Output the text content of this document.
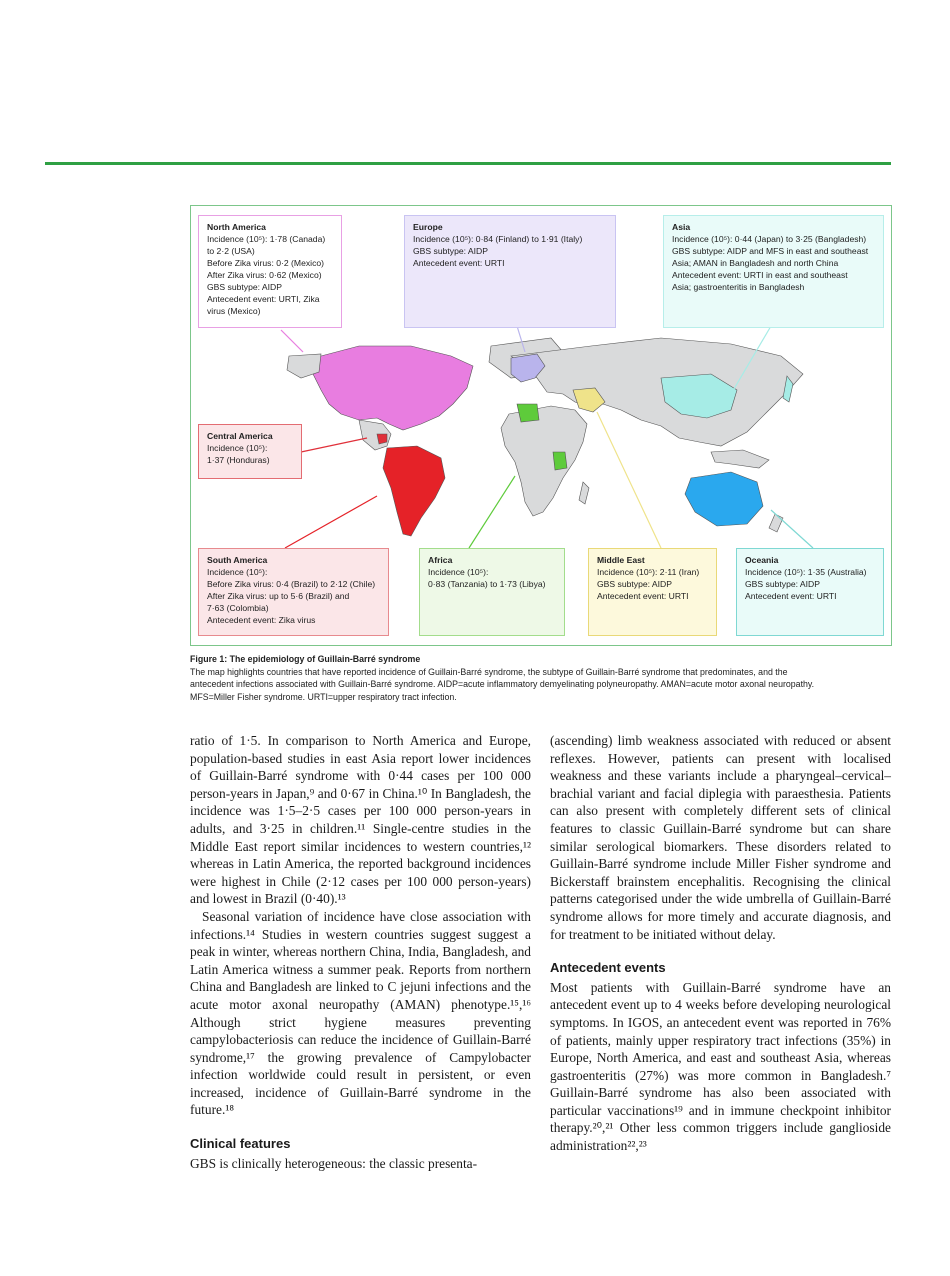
North America
Incidence (10⁵): 1·78 (Canada)
to 2·2 (USA)
Before Zika virus: 0·2 (Mexico)
After Zika virus: 0·62 (Mexico)
GBS subtype: AIDP
Antecedent event: URTI, Zika
virus (Mexico)
Europe
Incidence (10⁵): 0·84 (Finland) to 1·91 (Italy)
GBS subtype: AIDP
Antecedent event: URTI
Asia
Incidence (10⁵): 0·44 (Japan) to 3·25 (Bangladesh)
GBS subtype: AIDP and MFS in east and southeast
Asia; AMAN in Bangladesh and north China
Antecedent event: URTI in east and southeast
Asia; gastroenteritis in Bangladesh
Central America
Incidence (10⁵):
1·37 (Honduras)
South America
Incidence (10⁵):
Before Zika virus: 0·4 (Brazil) to 2·12 (Chile)
After Zika virus: up to 5·6 (Brazil) and
7·63 (Colombia)
Antecedent event: Zika virus
Africa
Incidence (10⁵):
0·83 (Tanzania) to 1·73 (Libya)
Middle East
Incidence (10⁵): 2·11 (Iran)
GBS subtype: AIDP
Antecedent event: URTI
Oceania
Incidence (10⁵): 1·35 (Australia)
GBS subtype: AIDP
Antecedent event: URTI
Figure 1: The epidemiology of Guillain-Barré syndrome
The map highlights countries that have reported incidence of Guillain-Barré syndrome, the subtype of Guillain-Barré syndrome that predominates, and the
antecedent infections associated with Guillain-Barré syndrome. AIDP=acute inflammatory demyelinating polyneuropathy. AMAN=acute motor axonal neuropathy.
MFS=Miller Fisher syndrome. URTI=upper respiratory tract infection.

ratio of 1·5. In comparison to North America and Europe, population-based studies in east Asia report lower incidences of Guillain-Barré syndrome with 0·44 cases per 100 000 person-years in Japan,⁹ and 0·67 in China.¹⁰ In Bangladesh, the incidence was 1·5–2·5 cases per 100 000 person-years in adults, and 3·25 in children.¹¹ Single-centre studies in the Middle East report similar incidences to western countries,¹² whereas in Latin America, the reported background incidences were highest in Chile (2·12 cases per 100 000 person-years) and lowest in Brazil (0·40).¹³

Seasonal variation of incidence have close association with infections.¹⁴ Studies in western countries suggest suggest a peak in winter, whereas northern China, India, Bangladesh, and Latin America witness a summer peak. Reports from northern China and Bangladesh are linked to C jejuni infections and the acute motor axonal neuropathy (AMAN) phenotype.¹⁵,¹⁶ Although strict hygiene measures preventing campylobacteriosis can reduce the incidence of Guillain-Barré syndrome,¹⁷ the growing prevalence of Campylobacter infection worldwide could result in persistent, or even increased, incidence of Guillain-Barré syndrome in the future.¹⁸

Clinical features

GBS is clinically heterogeneous: the classic presenta-

(ascending) limb weakness associated with reduced or absent reflexes. However, patients can present with localised weakness and these variants include a pharyngeal–cervical–brachial variant and facial diplegia with paraesthesia. Patients can also present with completely different sets of clinical features to classic Guillain-Barré syndrome but can share similar serological biomarkers. These disorders related to Guillain-Barré syndrome include Miller Fisher syndrome and Bickerstaff brainstem encephalitis. Recognising the clinical patterns categorised under the wide umbrella of Guillain-Barré syndrome allows for more timely and accurate diagnosis, and for treatment to be initiated without delay.

Antecedent events

Most patients with Guillain-Barré syndrome have an antecedent event up to 4 weeks before developing neurological symptoms. In IGOS, an antecedent event was reported in 76% of patients, mainly upper respiratory tract infections (35%) in Europe, North America, and east and southeast Asia, whereas gastroenteritis (27%) was more common in Bangladesh.⁷ Guillain-Barré syndrome has also been associated with particular vaccinations¹⁹ and in immune checkpoint inhibitor therapy.²⁰,²¹ Other less common triggers include ganglioside administration²²,²³
